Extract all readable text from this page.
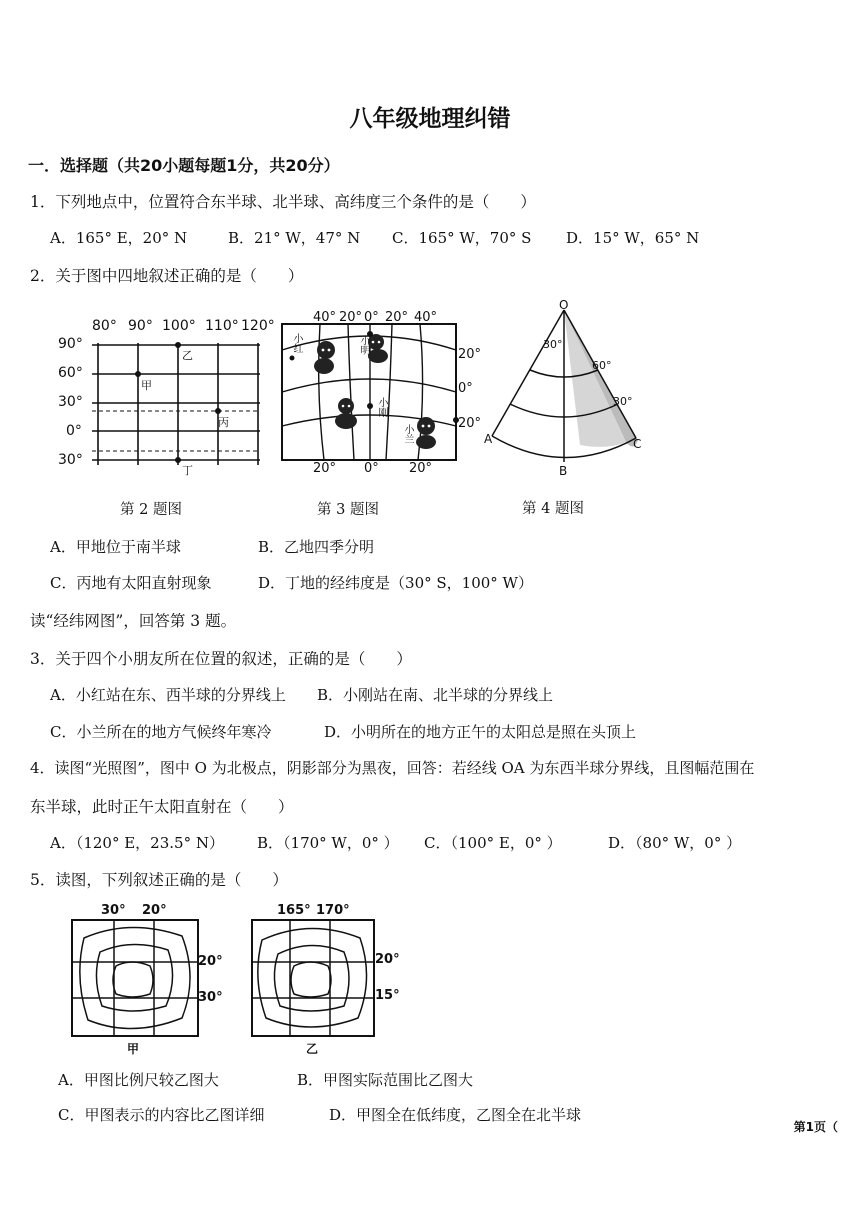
八年级地理纠错
一．选择题（共20小题每题1分，共20分）
1．下列地点中，位置符合东半球、北半球、高纬度三个条件的是（　　）
A．165° E，20° N	B．21° W，47° N C．165° W，70° S D．15° W，65° N
2．关于图中四地叙述正确的是（　　）
80° 90° 100° 110° 120°
90°
60°
30°
0°
30°
甲
乙
丙
丁
第 2 题图
40° 20° 0° 20° 40°
20° 0° 20°
20°
0°
20°
小红	小明
小刚
小兰
第 3 题图
O
30°
60°
30°
A
B
C
第 4 题图
A．甲地位于南半球	B．乙地四季分明
C．丙地有太阳直射现象	D．丁地的经纬度是（30° S，100° W）
读“经纬网图”，回答第 3 题。
3．关于四个小朋友所在位置的叙述，正确的是（　　）
A．小红站在东、西半球的分界线上 B．小刚站在南、北半球的分界线上
C．小兰所在的地方气候终年寒冷	D．小明所在的地方正午的太阳总是照在头顶上
4．读图“光照图”，图中 O 为北极点，阴影部分为黑夜，回答：若经线 OA 为东西半球分界线，且图幅范围在
东半球，此时正午太阳直射在（　　）
A．（120° E，23.5° N） B．（170° W，0° ） C．（100° E，0° ）	D．（80° W，0° ）
5．读图，下列叙述正确的是（　　）
30° 20°
20°
30°
甲
165° 170°
20°
15°
乙
A．甲图比例尺较乙图大	B．甲图实际范围比乙图大
C．甲图表示的内容比乙图详细	D．甲图全在低纬度，乙图全在北半球
第1页（
